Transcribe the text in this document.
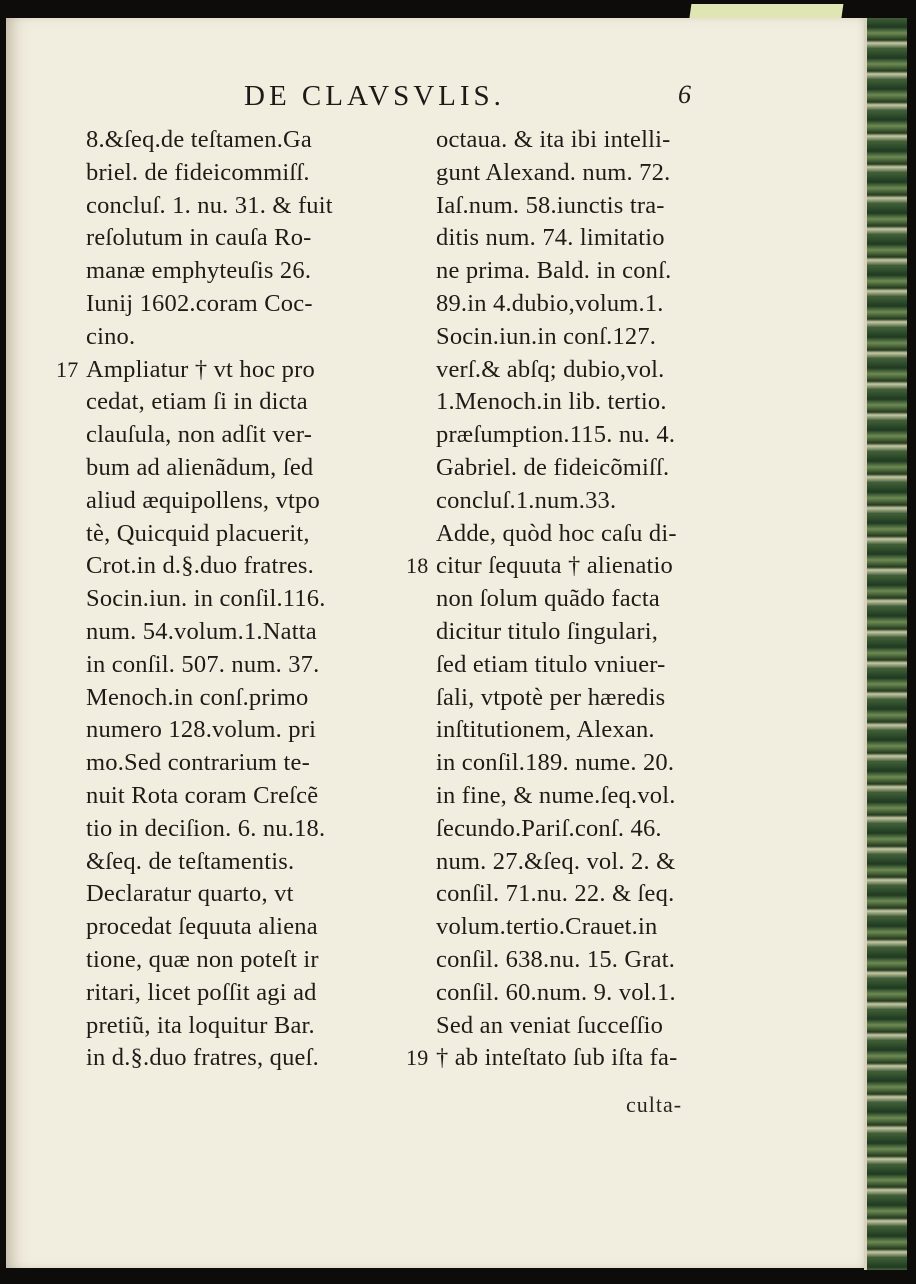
DE CLAVSVLIS.	6
8.&ſeq.de teſtamen.Ga
briel. de fideicommiſſ.
concluſ. 1. nu. 31. & fuit
reſolutum in cauſa Ro-
manæ emphyteuſis 26.
Iunij 1602.coram Coc-
cino.
17 Ampliatur † vt hoc pro
cedat, etiam ſi in dicta
clauſula, non adſit ver-
bum ad alienãdum, ſed
aliud æquipollens, vtpo
tè, Quicquid placuerit,
Crot.in d.§.duo fratres.
Socin.iun. in conſil.116.
num. 54.volum.1.Natta
in conſil. 507. num. 37.
Menoch.in conſ.primo
numero 128.volum. pri
mo.Sed contrarium te-
nuit Rota coram Creſcẽ
tio in deciſion. 6. nu.18.
&ſeq. de teſtamentis.
Declaratur quarto, vt
procedat ſequuta aliena
tione, quæ non poteſt ir
ritari, licet poſſit agi ad
pretiũ, ita loquitur Bar.
in d.§.duo fratres, queſ.
octaua. & ita ibi intelli-
gunt Alexand. num. 72.
Iaſ.num. 58.iunctis tra-
ditis num. 74. limitatio
ne prima. Bald. in conſ.
89.in 4.dubio,volum.1.
Socin.iun.in conſ.127.
verſ.& abſq; dubio,vol.
1.Menoch.in lib. tertio.
præſumption.115. nu. 4.
Gabriel. de fideicõmiſſ.
concluſ.1.num.33.
Adde, quòd hoc caſu di-
18 citur ſequuta † alienatio
non ſolum quãdo facta
dicitur titulo ſingulari,
ſed etiam titulo vniuer-
ſali, vtpotè per hæredis
inſtitutionem, Alexan.
in conſil.189. nume. 20.
in fine, & nume.ſeq.vol.
ſecundo.Pariſ.conſ. 46.
num. 27.&ſeq. vol. 2. &
conſil. 71.nu. 22. & ſeq.
volum.tertio.Crauet.in
conſil. 638.nu. 15. Grat.
conſil. 60.num. 9. vol.1.
Sed an veniat ſucceſſio
19 † ab inteſtato ſub iſta fa-
culta-
